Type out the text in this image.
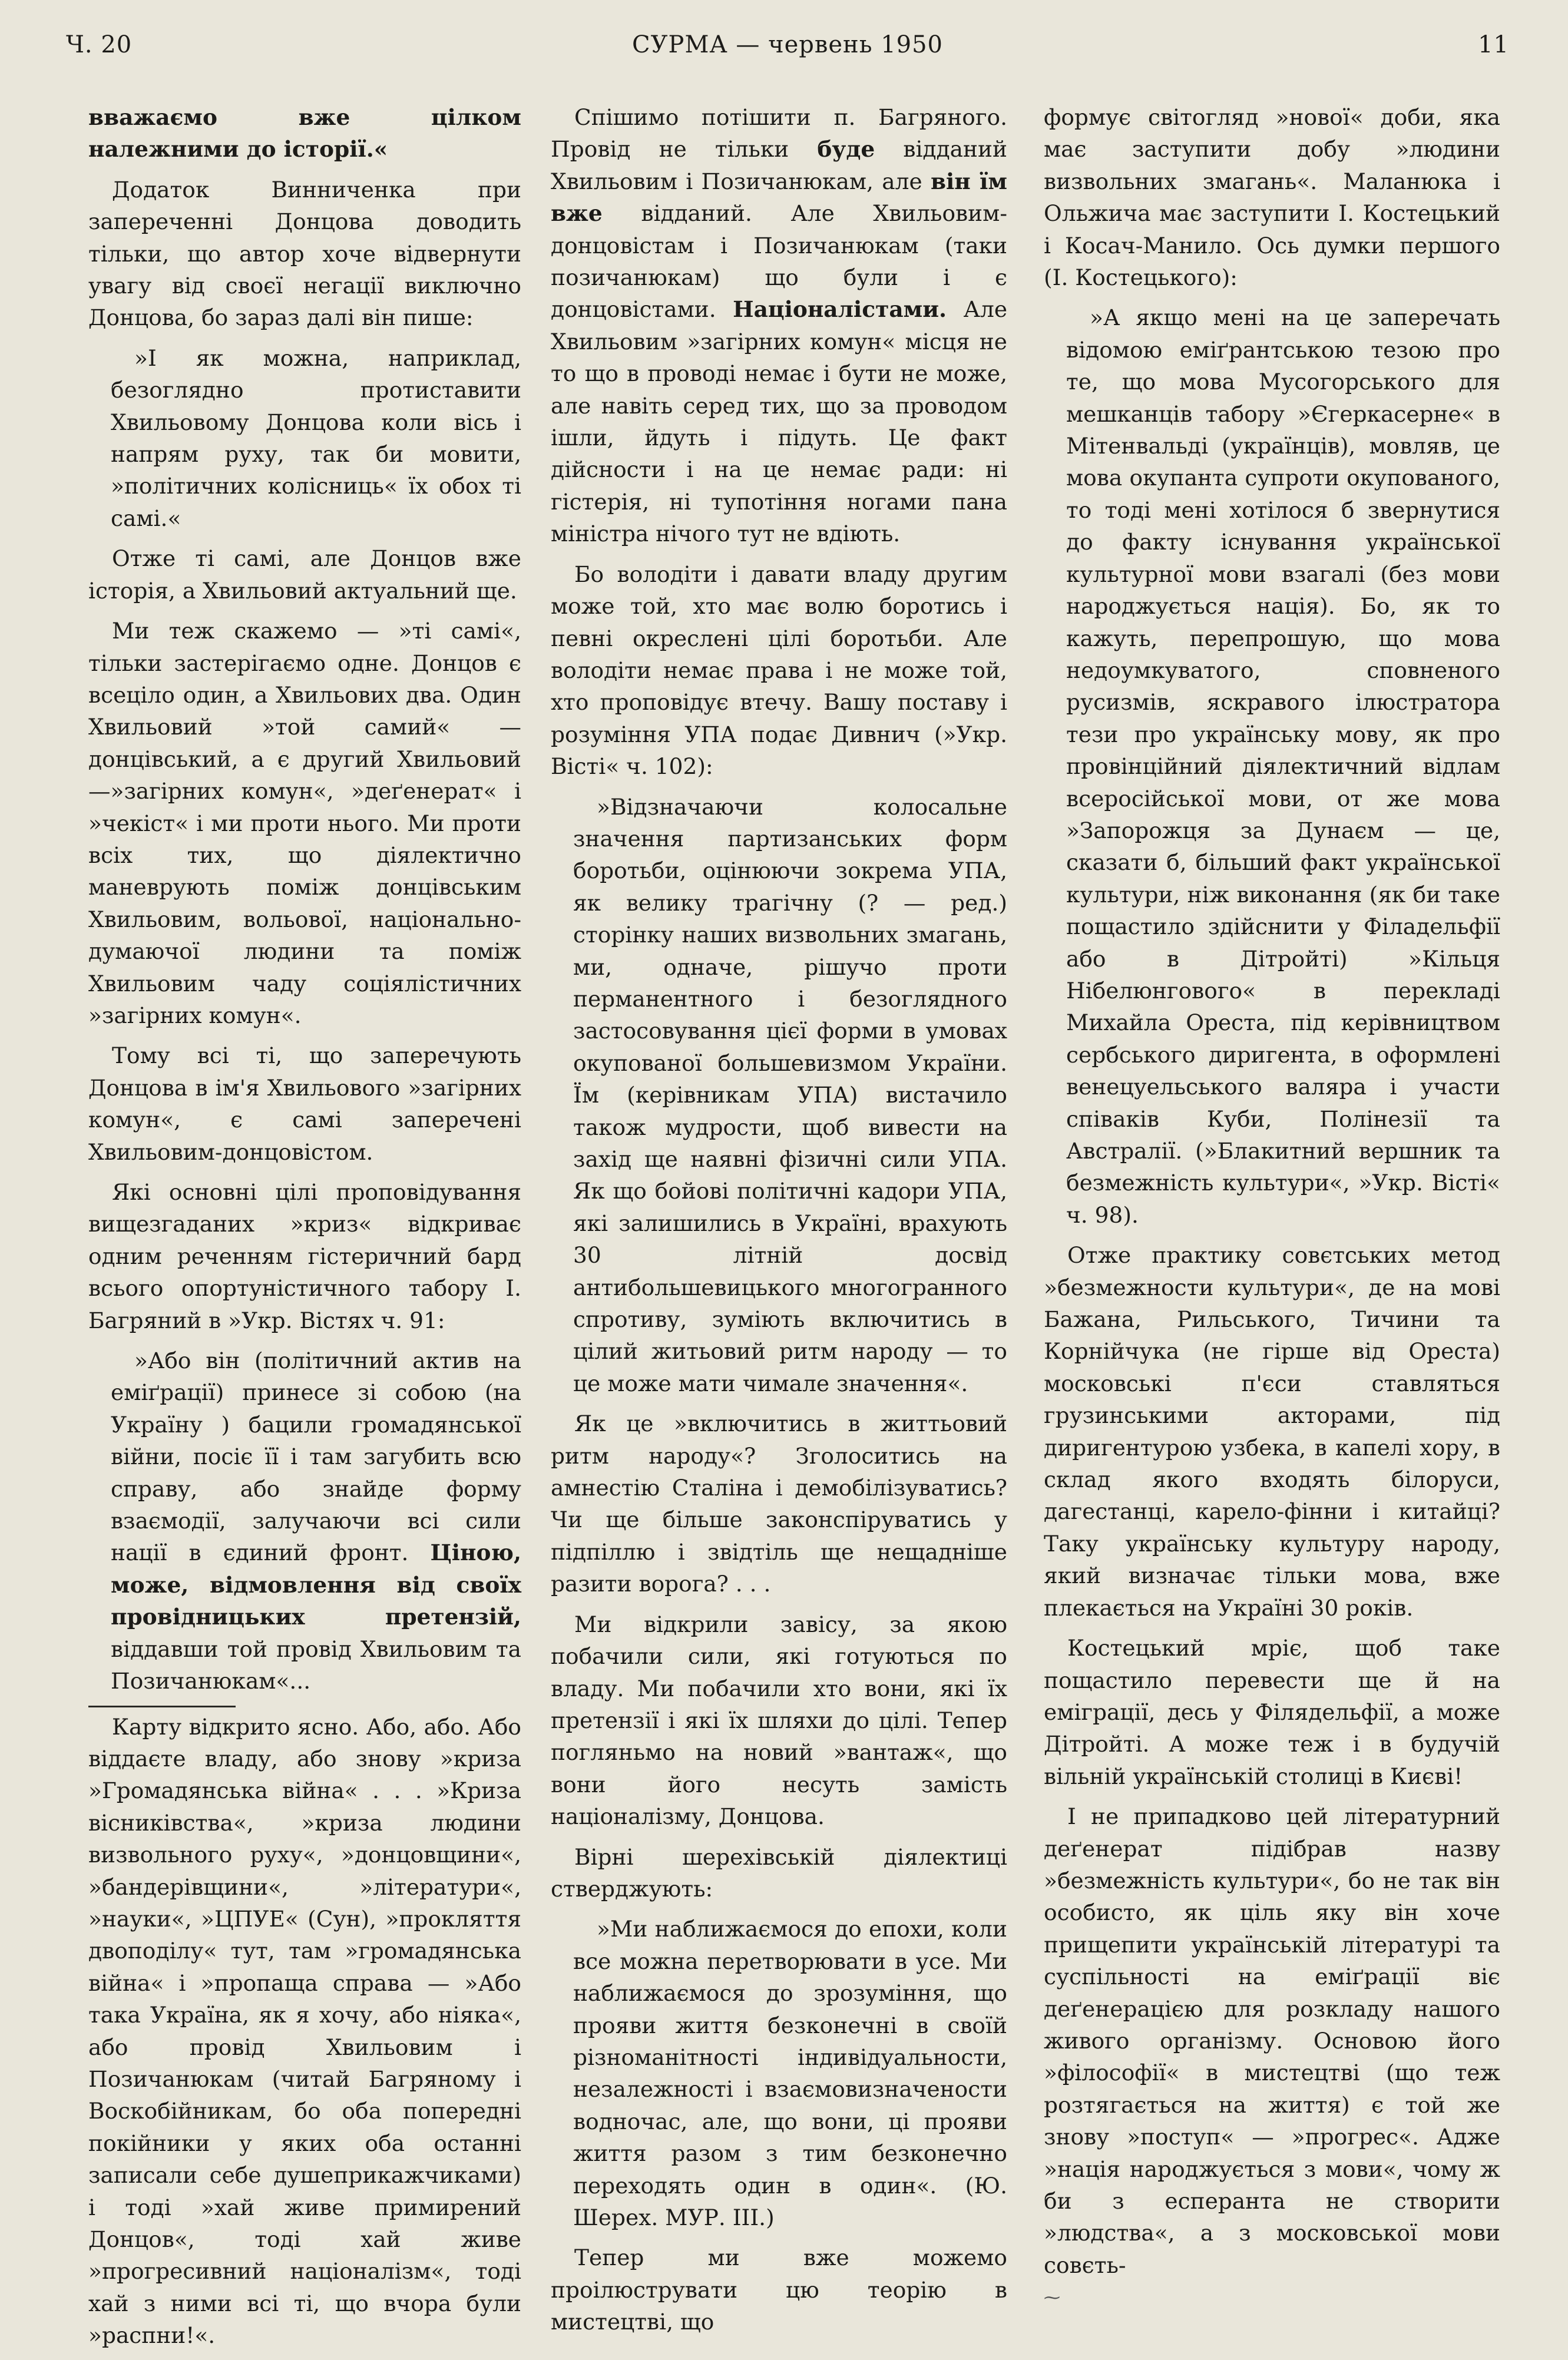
Ч. 20	СУРМА — червень 1950	11

вважаємо вже цілком належними до історії.«

Додаток Винниченка при запереченні Донцова доводить тільки, що автор хоче відвернути увагу від своєї негації виключно Донцова, бо зараз далі він пише:

»І як можна, наприклад, безоглядно протиставити Хвильовому Донцова коли вісь і напрям руху, так би мовити, »політичних колісниць« їх обох ті самі.«

Отже ті самі, але Донцов вже історія, а Хвильовий актуальний ще.

Ми теж скажемо — »ті самі«, тільки застерігаємо одне. Донцов є всеціло один, а Хвильових два. Один Хвильовий »той самий« — донцівський, а є другий Хвильовий—»загірних комун«, »деґенерат« і »чекіст« і ми проти нього. Ми проти всіх тих, що діялектично маневрують поміж донцівським Хвильовим, вольової, національно-думаючої людини та поміж Хвильовим чаду соціялістичних »загірних комун«.

Тому всі ті, що заперечують Донцова в ім'я Хвильового »загірних комун«, є самі заперечені Хвильовим-донцовістом.

Які основні цілі проповідування вищезгаданих »криз« відкриває одним реченням гістеричний бард всього опортуністичного табору І. Багряний в »Укр. Вістях ч. 91:

»Або він (політичний актив на еміґрації) принесе зі собою (на Україну ) бацили громадянської війни, посіє її і там загубить всю справу, або знайде форму взаємодії, залучаючи всі сили нації в єдиний фронт. Ціною, може, відмовлення від своїх провідницьких претензій, віддавши той провід Хвильовим та Позичанюкам«...

Карту відкрито ясно. Або, або. Або віддаєте владу, або знову »криза »Громадянська війна« . . . »Криза вісниківства«, »криза людини визвольного руху«, »донцовщини«, »бандерівщини«, »літератури«, »науки«, »ЦПУЕ« (Сун), »прокляття двоподілу« тут, там »громадянська війна« і »пропаща справа — »Або така Україна, як я хочу, або ніяка«, або провід Хвильовим і Позичанюкам (читай Багряному і Воскобійникам, бо оба попередні покійники у яких оба останні записали себе душеприкажчиками) і тоді »хай живе примирений Донцов«, тоді хай живе »прогресивний націоналізм«, тоді хай з ними всі ті, що вчора були »распни!«.

Спішимо потішити п. Багряного. Провід не тільки буде відданий Хвильовим і Позичанюкам, але він їм вже відданий. Але Хвильовим-донцовістам і Позичанюкам (таки позичанюкам) що були і є донцовістами. Націоналістами. Але Хвильовим »загірних комун« місця не то що в проводі немає і бути не може, але навіть серед тих, що за проводом ішли, йдуть і підуть. Це факт дійсности і на це немає ради: ні гістерія, ні тупотіння ногами пана міністра нічого тут не вдіють.

Бо володіти і давати владу другим може той, хто має волю боротись і певні окреслені цілі боротьби. Але володіти немає права і не може той, хто проповідує втечу. Вашу поставу і розуміння УПА подає Дивнич (»Укр. Вісті« ч. 102):

»Відзначаючи колосальне значення партизанських форм боротьби, оцінюючи зокрема УПА, як велику трагічну (? — ред.) сторінку наших визвольних змагань, ми, одначе, рішучо проти перманентного і безоглядного застосовування цієї форми в умовах окупованої большевизмом України. Їм (керівникам УПА) вистачило також мудрости, щоб вивести на захід ще наявні фізичні сили УПА. Як що бойові політичні кадори УПА, які залишились в Україні, врахують 30 літній досвід антибольшевицького многогранного спротиву, зуміють включитись в цілий житьовий ритм народу — то це може мати чимале значення«.

Як це »включитись в життьовий ритм народу«? Зголоситись на амнестію Сталіна і демобілізуватись? Чи ще більше законспіруватись у підпіллю і звідтіль ще нещадніше разити ворога? . . .

Ми відкрили завісу, за якою побачили сили, які готуються по владу. Ми побачили хто вони, які їх претензії і які їх шляхи до цілі. Тепер погляньмо на новий »вантаж«, що вони його несуть замість націоналізму, Донцова.

Вірні шерехівській діялектиці стверджують:

»Ми наближаємося до епохи, коли все можна перетворювати в усе. Ми наближаємося до зрозуміння, що прояви життя безконечні в своїй різноманітності індивідуальности, незалежності і взаємовизначености водночас, але, що вони, ці прояви життя разом з тим безконечно переходять один в один«. (Ю. Шерех. МУР. ІІІ.)

Тепер ми вже можемо проілюструвати цю теорію в мистецтві, що

формує світогляд »нової« доби, яка має заступити добу »людини визвольних змагань«. Маланюка і Ольжича має заступити І. Костецький і Косач-Манило. Ось думки першого (І. Костецького):

»А якщо мені на це заперечать відомою еміґрантською тезою про те, що мова Мусогорського для мешканців табору »Єгеркасерне« в Мітенвальді (українців), мовляв, це мова окупанта супроти окупованого, то тоді мені хотілося б звернутися до факту існування української культурної мови взагалі (без мови народжується нація). Бо, як то кажуть, перепрошую, що мова недоумкуватого, сповненого русизмів, яскравого ілюстратора тези про українську мову, як про провінційний діялектичний відлам всеросійської мови, от же мова »Запорожця за Дунаєм — це, сказати б, більший факт української культури, ніж виконання (як би таке пощастило здійснити у Філадельфії або в Дітройті) »Кільця Нібелюнгового« в перекладі Михайла Ореста, під керівництвом сербського диригента, в оформлені венецуельського валяра і участи співаків Куби, Полінезії та Австралії. (»Блакитний вершник та безмежність культури«, »Укр. Вісті« ч. 98).

Отже практику совєтських метод »безмежности культури«, де на мові Бажана, Рильського, Тичини та Корнійчука (не гірше від Ореста) московські п'єси ставляться грузинськими акторами, під диригентурою узбека, в капелі хору, в склад якого входять білоруси, дагестанці, карело-фінни і китайці? Таку українську культуру народу, який визначає тільки мова, вже плекається на Україні 30 років.

Костецький мріє, щоб таке пощастило перевести ще й на еміграції, десь у Філядельфії, а може Дітройті. А може теж і в будучій вільній українській столиці в Києві!

І не припадково цей літературний деґенерат підібрав назву »безмежність культури«, бо не так він особисто, як ціль яку він хоче прищепити українській літературі та суспільності на еміґрації віє деґенерацією для розкладу нашого живого організму. Основою його »філософії« в мистецтві (що теж розтягається на життя) є той же знову »поступ« — »прогрес«. Адже »нація народжується з мови«, чому ж би з есперанта не створити »людства«, а з московської мови совєть-

⁓
